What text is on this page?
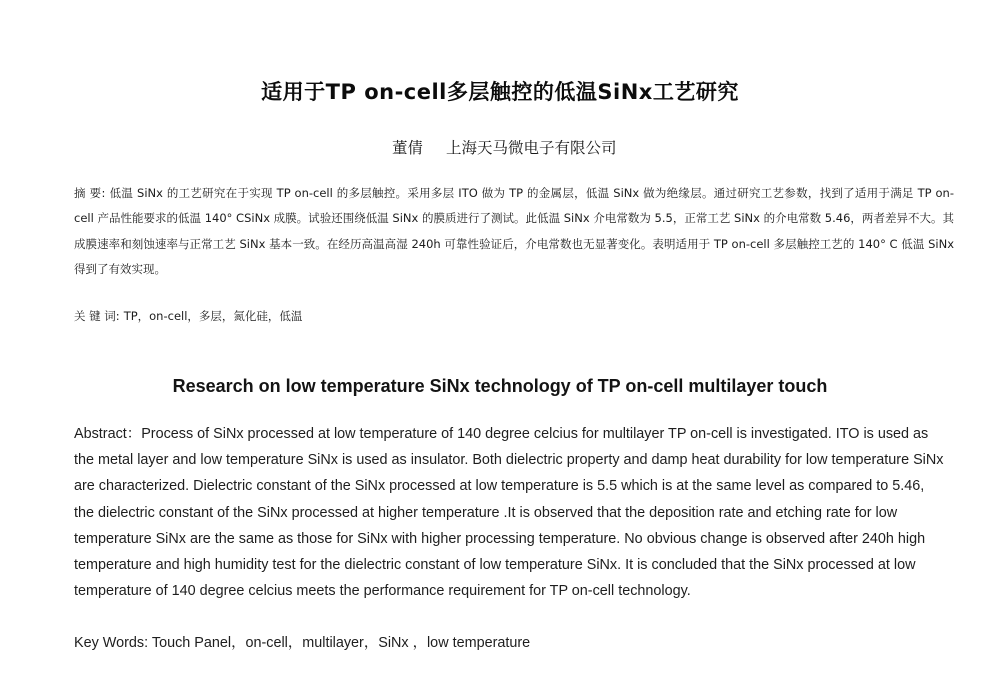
适用于TP on-cell多层触控的低温SiNx工艺研究
董倩 上海天马微电子有限公司
摘 要: 低温 SiNx 的工艺研究在于实现 TP on-cell 的多层触控。采用多层 ITO 做为 TP 的金属层，低温 SiNx 做为绝缘层。通过研究工艺参数，找到了适用于满足 TP on-cell 产品性能要求的低温 140° CSiNx 成膜。试验还围绕低温 SiNx 的膜质进行了测试。此低温 SiNx 介电常数为 5.5，正常工艺 SiNx 的介电常数 5.46，两者差异不大。其成膜速率和刻蚀速率与正常工艺 SiNx 基本一致。在经历高温高湿 240h 可靠性验证后，介电常数也无显著变化。表明适用于 TP on-cell 多层触控工艺的 140° C 低温 SiNx 得到了有效实现。
关 键 词: TP，on-cell，多层，氮化硅，低温
Research on low temperature SiNx technology of TP on-cell multilayer touch
Abstract：Process of SiNx processed at low temperature of 140 degree celcius for multilayer TP on-cell is investigated. ITO is used as the metal layer and low temperature SiNx is used as insulator. Both dielectric property and damp heat durability for low temperature SiNx are characterized. Dielectric constant of the SiNx processed at low temperature is 5.5 which is at the same level as compared to 5.46, the dielectric constant of the SiNx processed at higher temperature .It is observed that the deposition rate and etching rate for low temperature SiNx are the same as those for SiNx with higher processing temperature. No obvious change is observed after 240h high temperature and high humidity test for the dielectric constant of low temperature SiNx. It is concluded that the SiNx processed at low temperature of 140 degree celcius meets the performance requirement for TP on-cell technology.
Key Words: Touch Panel，on-cell，multilayer，SiNx ，low temperature
